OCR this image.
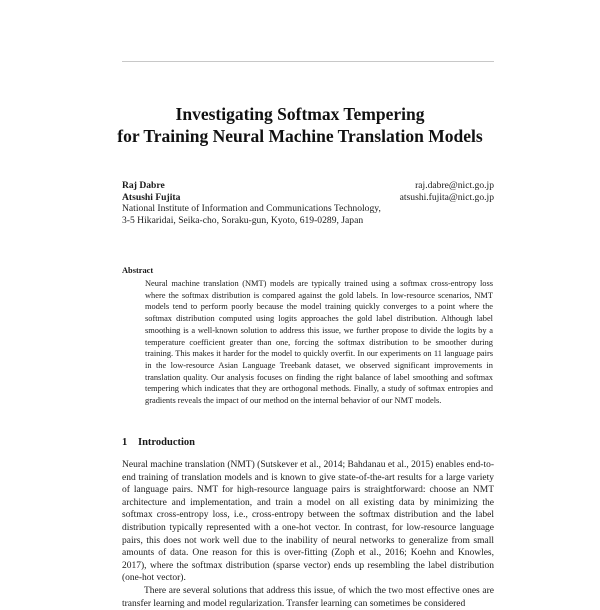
Investigating Softmax Tempering
for Training Neural Machine Translation Models
Raj Dabre	raj.dabre@nict.go.jp
Atsushi Fujita	atsushi.fujita@nict.go.jp
National Institute of Information and Communications Technology,
3-5 Hikaridai, Seika-cho, Soraku-gun, Kyoto, 619-0289, Japan
Abstract
Neural machine translation (NMT) models are typically trained using a softmax cross-entropy loss where the softmax distribution is compared against the gold labels. In low-resource scenarios, NMT models tend to perform poorly because the model training quickly converges to a point where the softmax distribution computed using logits approaches the gold label distribution. Although label smoothing is a well-known solution to address this issue, we further propose to divide the logits by a temperature coefficient greater than one, forcing the softmax distribution to be smoother during training. This makes it harder for the model to quickly overfit. In our experiments on 11 language pairs in the low-resource Asian Language Treebank dataset, we observed significant improvements in translation quality. Our analysis focuses on finding the right balance of label smoothing and softmax tempering which indicates that they are orthogonal methods. Finally, a study of softmax entropies and gradients reveals the impact of our method on the internal behavior of our NMT models.
1 Introduction

Neural machine translation (NMT) (Sutskever et al., 2014; Bahdanau et al., 2015) enables end-to-end training of translation models and is known to give state-of-the-art results for a large variety of language pairs. NMT for high-resource language pairs is straightforward: choose an NMT architecture and implementation, and train a model on all existing data by minimizing the softmax cross-entropy loss, i.e., cross-entropy between the softmax distribution and the label distribution typically represented with a one-hot vector. In contrast, for low-resource language pairs, this does not work well due to the inability of neural networks to generalize from small amounts of data. One reason for this is over-fitting (Zoph et al., 2016; Koehn and Knowles, 2017), where the softmax distribution (sparse vector) ends up resembling the label distribution (one-hot vector).

There are several solutions that address this issue, of which the two most effective ones are transfer learning and model regularization. Transfer learning can sometimes be considered
